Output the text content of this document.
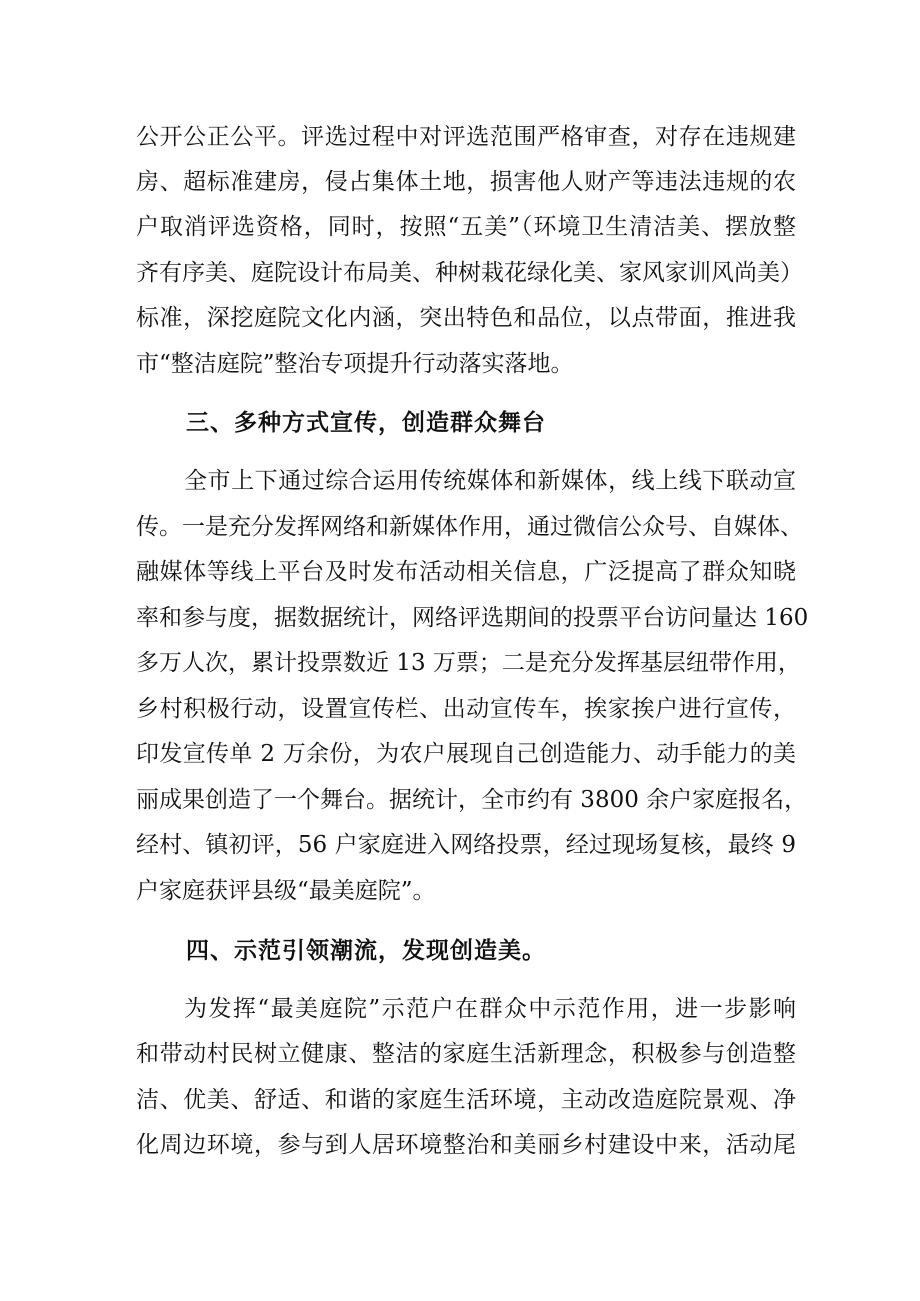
公开公正公平。评选过程中对评选范围严格审查，对存在违规建
房、超标准建房，侵占集体土地，损害他人财产等违法违规的农
户取消评选资格，同时，按照“五美”（环境卫生清洁美、摆放整
齐有序美、庭院设计布局美、种树栽花绿化美、家风家训风尚美）
标准，深挖庭院文化内涵，突出特色和品位，以点带面，推进我
市“整洁庭院”整治专项提升行动落实落地。
三、多种方式宣传，创造群众舞台
全市上下通过综合运用传统媒体和新媒体，线上线下联动宣
传。一是充分发挥网络和新媒体作用，通过微信公众号、自媒体、
融媒体等线上平台及时发布活动相关信息，广泛提高了群众知晓
率和参与度，据数据统计，网络评选期间的投票平台访问量达 160
多万人次，累计投票数近 13 万票；二是充分发挥基层纽带作用，
乡村积极行动，设置宣传栏、出动宣传车，挨家挨户进行宣传，
印发宣传单 2 万余份，为农户展现自己创造能力、动手能力的美
丽成果创造了一个舞台。据统计，全市约有 3800 余户家庭报名，
经村、镇初评，56 户家庭进入网络投票，经过现场复核，最终 9
户家庭获评县级“最美庭院”。
四、示范引领潮流，发现创造美。
为发挥“最美庭院”示范户在群众中示范作用，进一步影响
和带动村民树立健康、整洁的家庭生活新理念，积极参与创造整
洁、优美、舒适、和谐的家庭生活环境，主动改造庭院景观、净
化周边环境，参与到人居环境整治和美丽乡村建设中来，活动尾
